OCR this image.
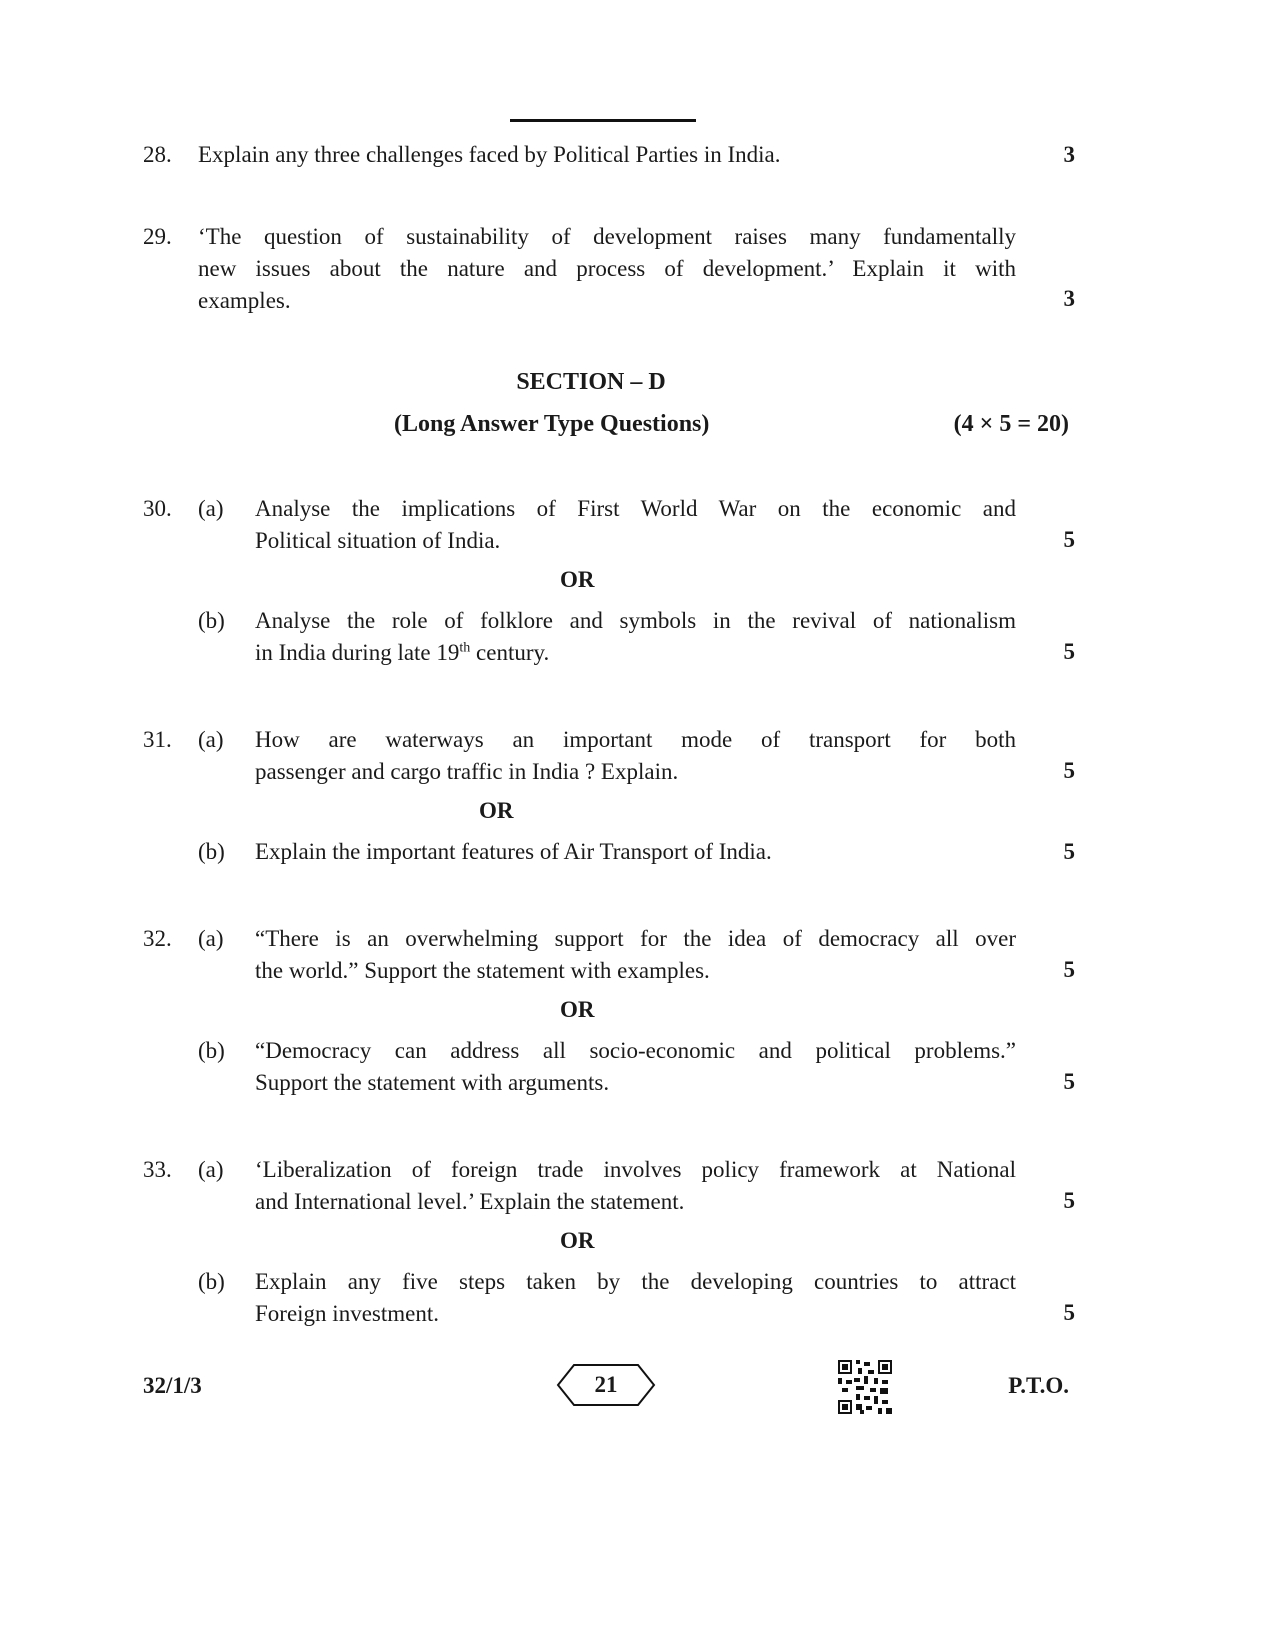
28. Explain any three challenges faced by Political Parties in India.	3
29. ‘The question of sustainability of development raises many fundamentally
new issues about the nature and process of development.’ Explain it with
examples.	3
SECTION – D
(Long Answer Type Questions)	(4 × 5 = 20)
30. (a) Analyse the implications of First World War on the economic and
Political situation of India.	5
OR
(b) Analyse the role of folklore and symbols in the revival of nationalism
in India during late 19th century.	5
31. (a) How are waterways an important mode of transport for both
passenger and cargo traffic in India ? Explain.	5
OR
(b) Explain the important features of Air Transport of India.	5
32. (a) “There is an overwhelming support for the idea of democracy all over
the world.” Support the statement with examples.	5
OR
(b) “Democracy can address all socio-economic and political problems.”
Support the statement with arguments.	5
33. (a) ‘Liberalization of foreign trade involves policy framework at National
and International level.’ Explain the statement.	5
OR
(b) Explain any five steps taken by the developing countries to attract
Foreign investment.	5
32/1/3	21	P.T.O.
